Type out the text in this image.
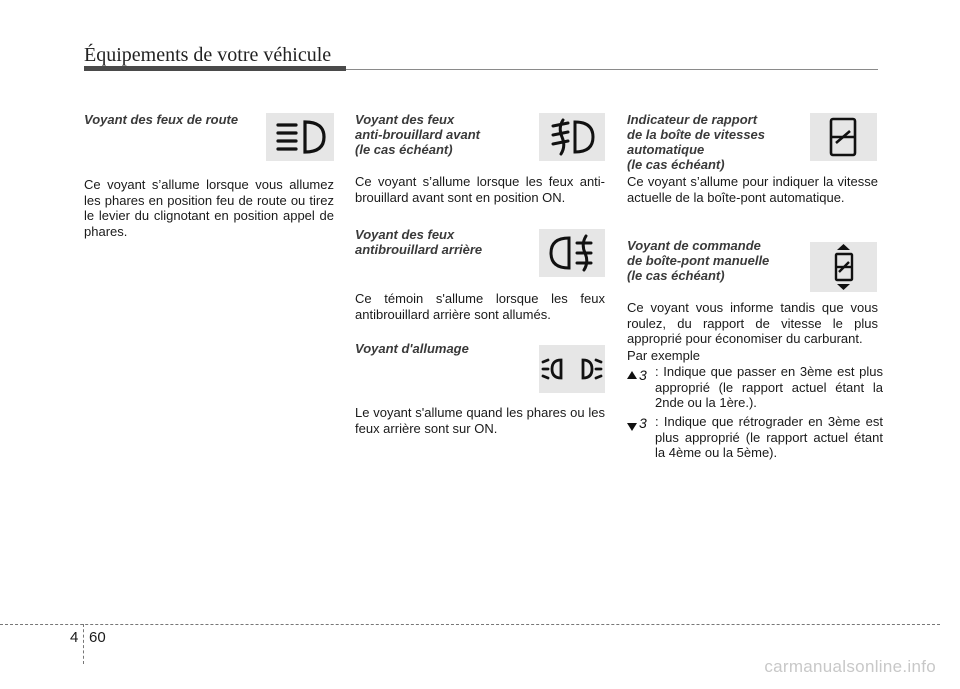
Équipements de votre véhicule
Voyant des feux de route
Ce voyant s’allume lorsque vous allumez les phares en position feu de route ou tirez le levier du clignotant en position appel de phares.
Voyant des feux
anti-brouillard avant
(le cas échéant)
Ce voyant s’allume lorsque les feux anti-brouillard avant sont en position ON.
Voyant des feux
antibrouillard arrière
Ce témoin s'allume lorsque les feux antibrouillard arrière sont allumés.
Voyant d'allumage
Le voyant s'allume quand les phares ou les feux arrière sont sur ON.
Indicateur de rapport
de la boîte de vitesses
automatique
(le cas échéant)
Ce voyant s’allume pour indiquer la vitesse actuelle de la boîte-pont automatique.
Voyant de commande
de boîte-pont manuelle
(le cas échéant)
Ce voyant vous informe tandis que vous roulez, du rapport de vitesse le plus approprié pour économiser du carburant.
Par exemple
3 : Indique que passer en 3ème est plus approprié (le rapport actuel étant la 2nde ou la 1ère.).
3 : Indique que rétrograder en 3ème est plus approprié (le rapport actuel étant la 4ème ou la 5ème).
4 60
carmanualsonline.info
